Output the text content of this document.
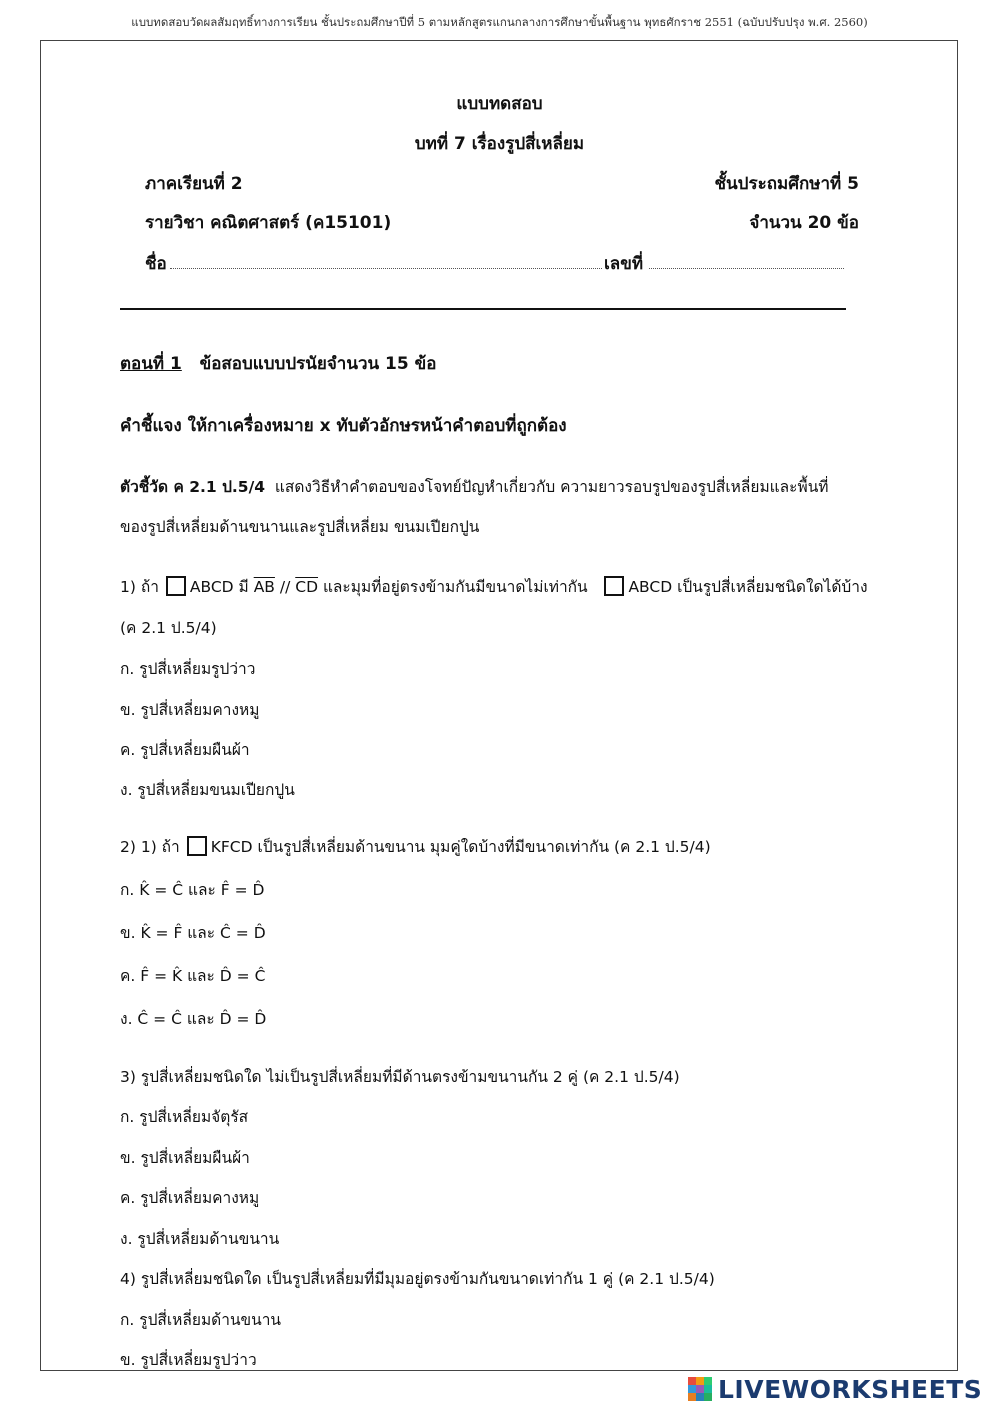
แบบทดสอบวัดผลสัมฤทธิ์ทางการเรียน ชั้นประถมศึกษาปีที่ 5 ตามหลักสูตรแกนกลางการศึกษาขั้นพื้นฐาน พุทธศักราช 2551 (ฉบับปรับปรุง พ.ศ. 2560)
แบบทดสอบ
บทที่ 7 เรื่องรูปสี่เหลี่ยม
ภาคเรียนที่ 2	ชั้นประถมศึกษาที่ 5
รายวิชา คณิตศาสตร์ (ค15101)	จำนวน 20 ข้อ
ชื่อ	เลขที่
ตอนที่ 1 ข้อสอบแบบปรนัยจำนวน 15 ข้อ
คำชี้แจง ให้กาเครื่องหมาย x ทับตัวอักษรหน้าคำตอบที่ถูกต้อง
ตัวชี้วัด ค 2.1 ป.5/4 แสดงวิธีหำคำตอบของโจทย์ปัญหำเกี่ยวกับ ความยาวรอบรูปของรูปสี่เหลี่ยมและพื้นที่
ของรูปสี่เหลี่ยมด้านขนานและรูปสี่เหลี่ยม ขนมเปียกปูน
1) ถ้า ABCD มี $\overline{AB} // \overline{CD}$ และมุมที่อยู่ตรงข้ามกันมีขนาดไม่เท่ากัน	ABCD เป็นรูปสี่เหลี่ยมชนิดใดได้บ้าง
(ค 2.1 ป.5/4)
ก. รูปสี่เหลี่ยมรูปว่าว
ข. รูปสี่เหลี่ยมคางหมู
ค. รูปสี่เหลี่ยมผืนผ้า
ง. รูปสี่เหลี่ยมขนมเปียกปูน
2) 1) ถ้า KFCD เป็นรูปสี่เหลี่ยมด้านขนาน มุมคู่ใดบ้างที่มีขนาดเท่ากัน (ค 2.1 ป.5/4)
ก. K̂ = Ĉ และ F̂ = D̂
ข. K̂ = F̂ และ Ĉ = D̂
ค. F̂ = K̂ และ D̂ = Ĉ
ง. Ĉ = Ĉ และ D̂ = D̂
3) รูปสี่เหลี่ยมชนิดใด ไม่เป็นรูปสี่เหลี่ยมที่มีด้านตรงข้ามขนานกัน 2 คู่ (ค 2.1 ป.5/4)
ก. รูปสี่เหลี่ยมจัตุรัส
ข. รูปสี่เหลี่ยมผืนผ้า
ค. รูปสี่เหลี่ยมคางหมู
ง. รูปสี่เหลี่ยมด้านขนาน
4) รูปสี่เหลี่ยมชนิดใด เป็นรูปสี่เหลี่ยมที่มีมุมอยู่ตรงข้ามกันขนาดเท่ากัน 1 คู่ (ค 2.1 ป.5/4)
ก. รูปสี่เหลี่ยมด้านขนาน
ข. รูปสี่เหลี่ยมรูปว่าว
LIVEWORKSHEETS
